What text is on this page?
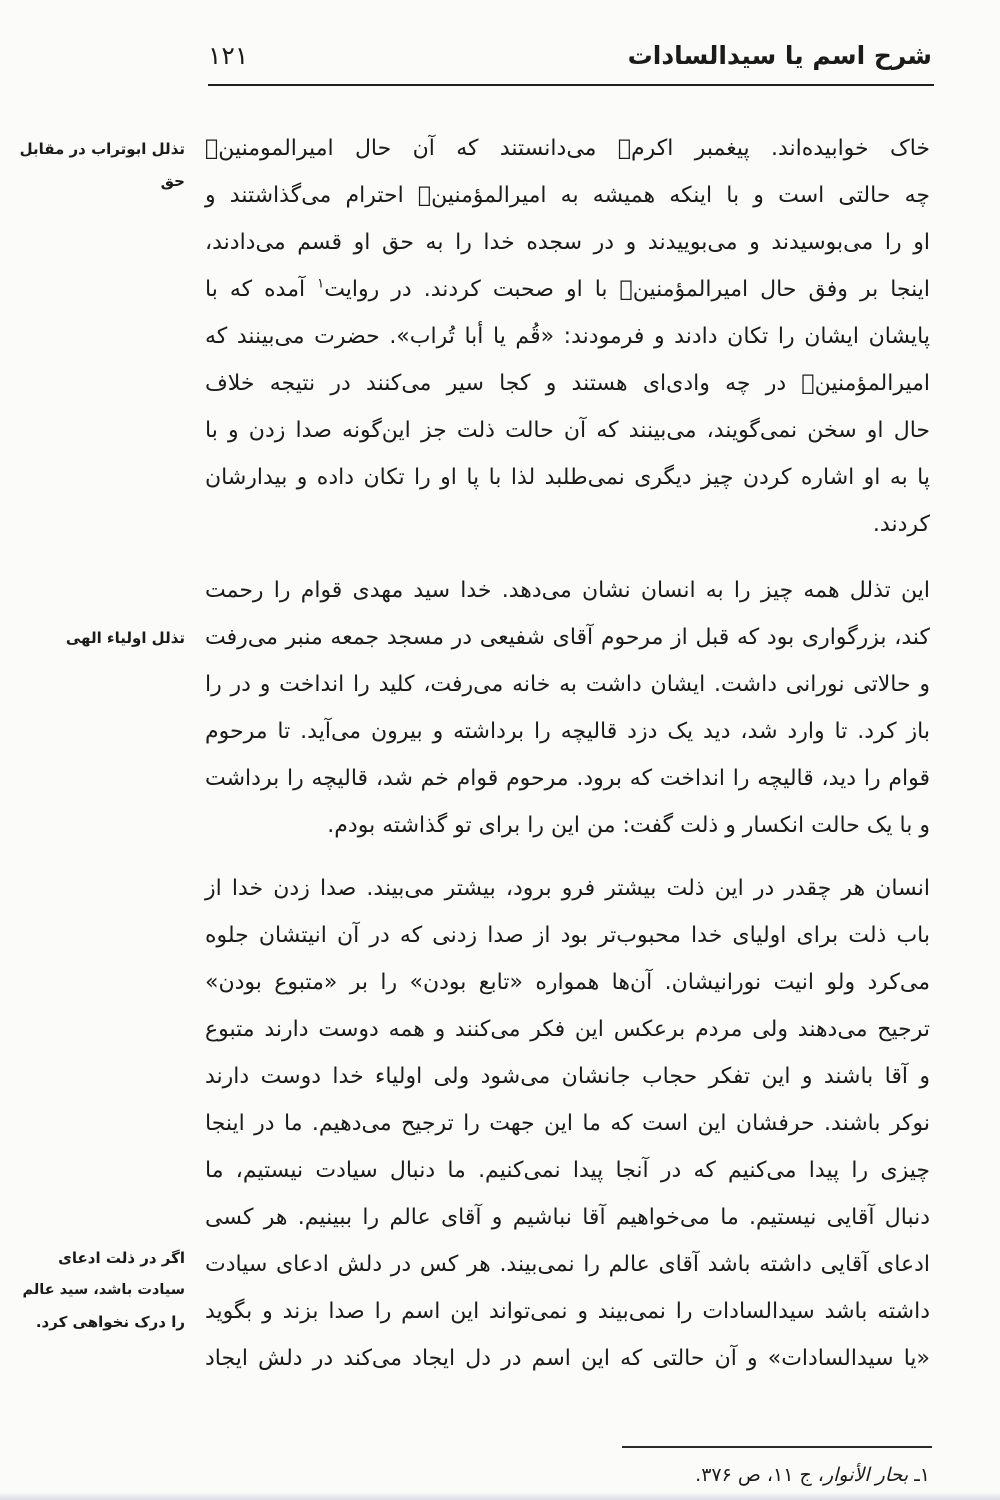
شرح اسم یا سیدالسادات
۱۲۱
تذلل ابوتراب در مقابل
حق
تذلل اولیاء الهی
اگر در ذلت ادعای
سیادت باشد، سید عالم
را درک نخواهی کرد.
خاک خوابیده‌اند. پیغمبر اکرمؐ می‌دانستند که آن حال امیرالمومنینؑ
چه حالتی است و با اینکه همیشه به امیرالمؤمنینؑ احترام می‌گذاشتند و
او را می‌بوسیدند و می‌بوییدند و در سجده خدا را به حق او قسم می‌دادند،
اینجا بر وفق حال امیرالمؤمنینؑ با او صحبت کردند. در روایت$^۱$ آمده که با
پایشان ایشان را تکان دادند و فرمودند: «قُم یا أبا تُراب». حضرت می‌بینند که
امیرالمؤمنینؑ در چه وادی‌ای هستند و کجا سیر می‌کنند در نتیجه خلاف
حال او سخن نمی‌گویند، می‌بینند که آن حالت ذلت جز این‌گونه صدا زدن و با
پا به او اشاره کردن چیز دیگری نمی‌طلبد لذا با پا او را تکان داده و بیدارشان
کردند.
این تذلل همه چیز را به انسان نشان می‌دهد. خدا سید مهدی قوام را رحمت
کند، بزرگواری بود که قبل از مرحوم آقای شفیعی در مسجد جمعه منبر می‌رفت
و حالاتی نورانی داشت. ایشان داشت به خانه می‌رفت، کلید را انداخت و در را
باز کرد. تا وارد شد، دید یک دزد قالیچه را برداشته و بیرون می‌آید. تا مرحوم
قوام را دید، قالیچه را انداخت که برود. مرحوم قوام خم شد، قالیچه را برداشت
و با یک حالت انکسار و ذلت گفت: من این را برای تو گذاشته بودم.
انسان هر چقدر در این ذلت بیشتر فرو برود، بیشتر می‌بیند. صدا زدن خدا از
باب ذلت برای اولیای خدا محبوب‌تر بود از صدا زدنی که در آن انیتشان جلوه
می‌کرد ولو انیت نورانیشان. آن‌ها همواره «تابع بودن» را بر «متبوع بودن»
ترجیح می‌دهند ولی مردم برعکس این فکر می‌کنند و همه دوست دارند متبوع
و آقا باشند و این تفکر حجاب جانشان می‌شود ولی اولیاء خدا دوست دارند
نوکر باشند. حرفشان این است که ما این جهت را ترجیح می‌دهیم. ما در اینجا
چیزی را پیدا می‌کنیم که در آنجا پیدا نمی‌کنیم. ما دنبال سیادت نیستیم، ما
دنبال آقایی نیستیم. ما می‌خواهیم آقا نباشیم و آقای عالم را ببینیم. هر کسی
ادعای آقایی داشته باشد آقای عالم را نمی‌بیند. هر کس در دلش ادعای سیادت
داشته باشد سیدالسادات را نمی‌بیند و نمی‌تواند این اسم را صدا بزند و بگوید
«یا سیدالسادات» و آن حالتی که این اسم در دل ایجاد می‌کند در دلش ایجاد
۱ـ بحار الأنوار، ج ۱۱، ص ۳۷۶.
